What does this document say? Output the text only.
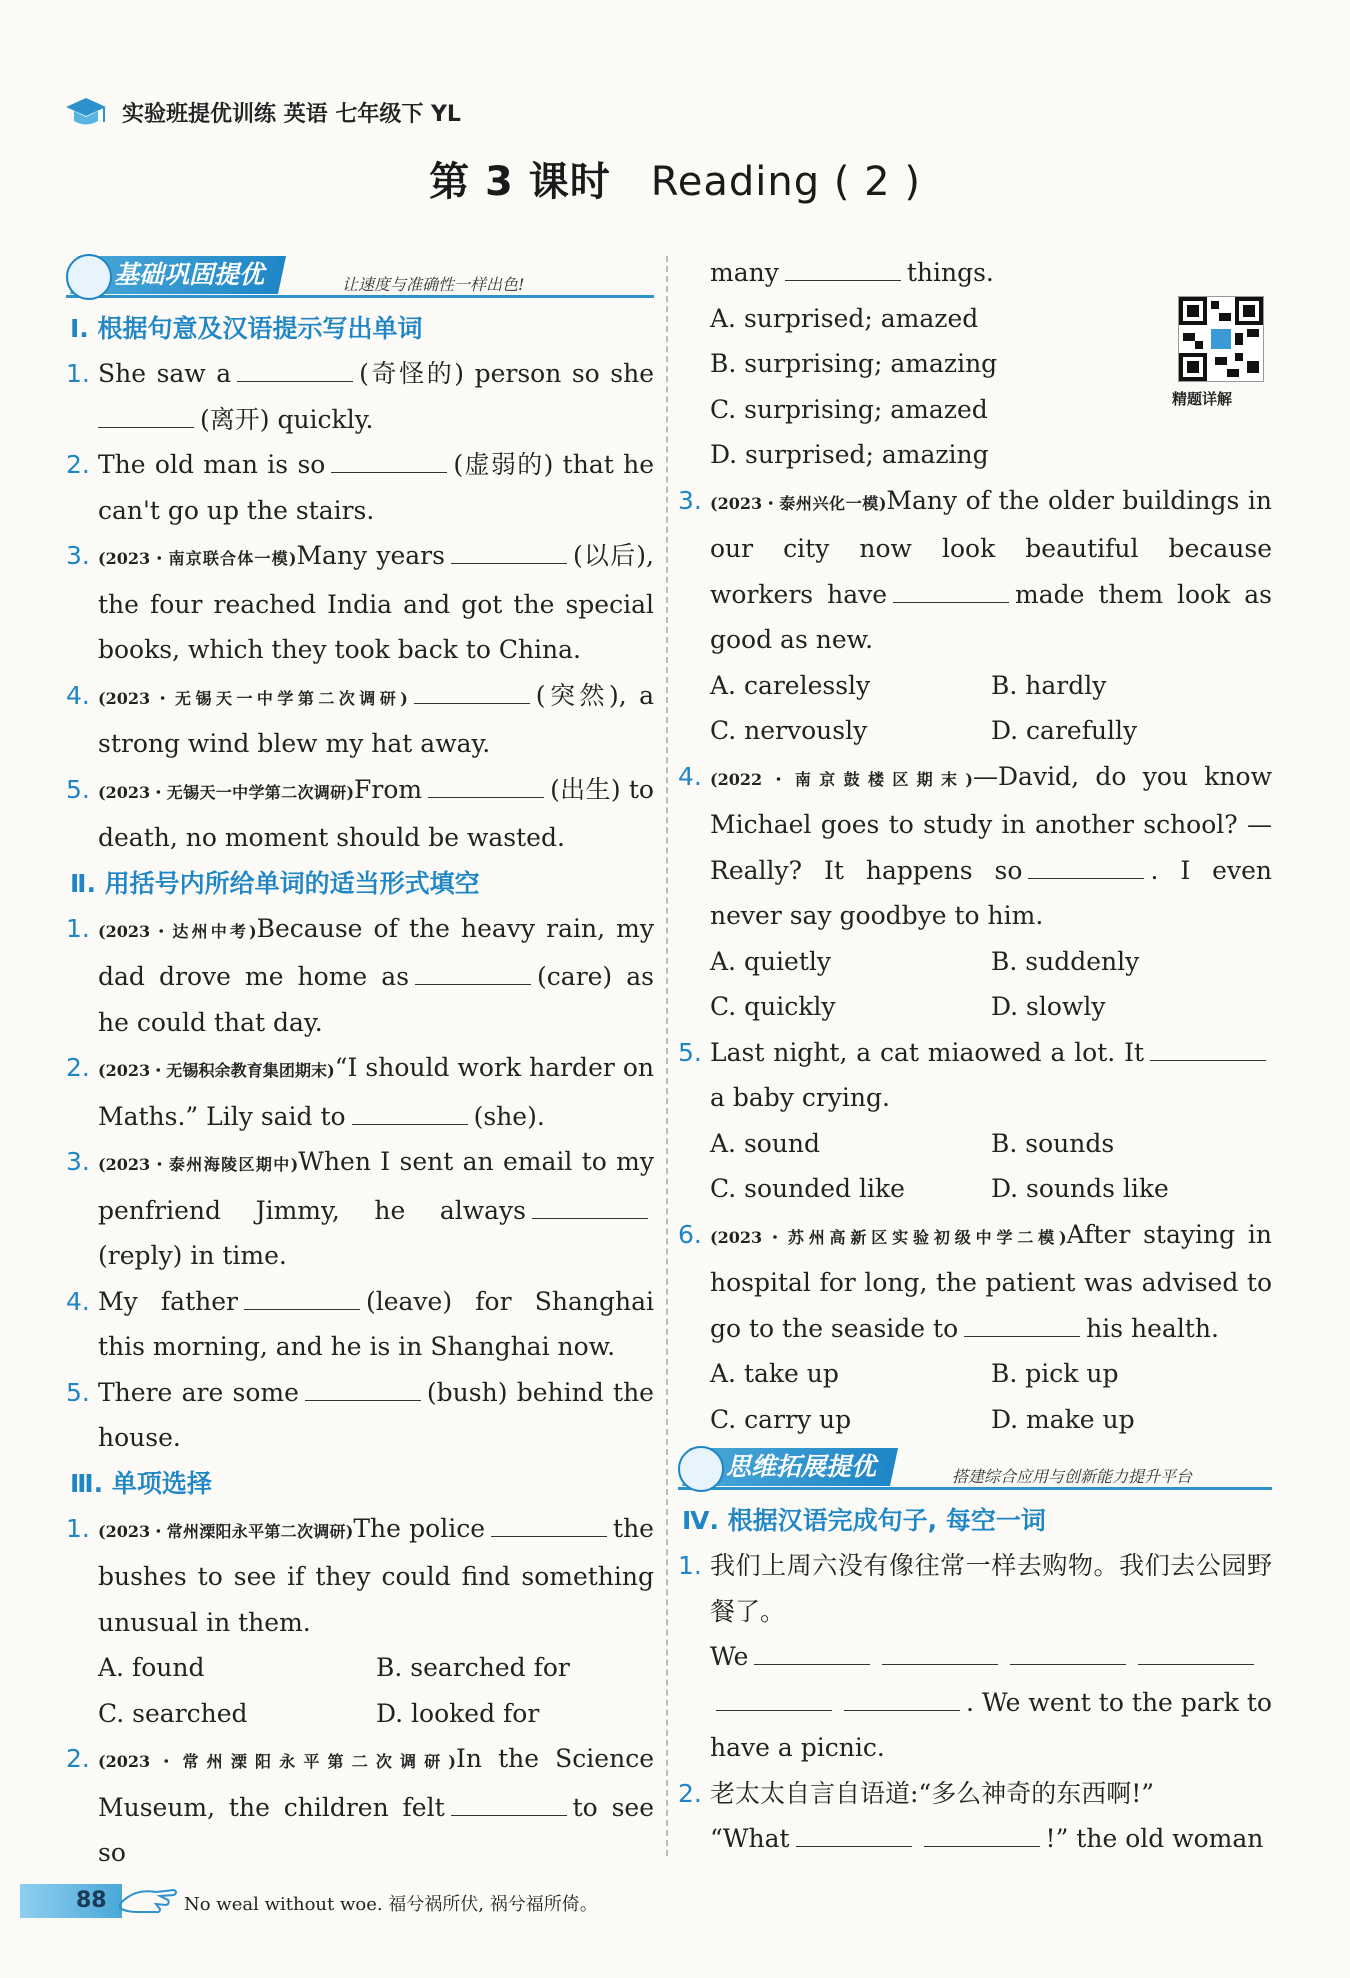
实验班提优训练 英语 七年级下 YL
第 3 课时 Reading ( 2 )
基础巩固提优	让速度与准确性一样出色!
Ⅰ. 根据句意及汉语提示写出单词
1. She saw a	(奇怪的) person so she (离开) quickly.
2. The old man is so	(虚弱的) that he can't go up the stairs.
3. (2023・南京联合体一模)Many years	(以后), the four reached India and got the special books, which they took back to China.
4. (2023・无锡天一中学第二次调研)	(突然), a strong wind blew my hat away.
5. (2023・无锡天一中学第二次调研)From	(出生) to death, no moment should be wasted.
Ⅱ. 用括号内所给单词的适当形式填空
1. (2023・达州中考)Because of the heavy rain, my dad drove me home as	(care) as he could that day.
2. (2023・无锡积余教育集团期末)“I should work harder on Maths.” Lily said to	(she).
3. (2023・泰州海陵区期中)When I sent an email to my penfriend Jimmy, he always(reply) in time.
4. My father	(leave) for Shanghai this morning, and he is in Shanghai now.
5. There are some	(bush) behind the house.
Ⅲ. 单项选择
1. (2023・常州溧阳永平第二次调研)The police	the bushes to see if they could find something unusual in them.
A. found	B. searched for
C. searched	D. looked for
2. (2023・常州溧阳永平第二次调研)In the Science Museum, the children felt	to see so
many	things.
A. surprised; amazed
B. surprising; amazing
C. surprising; amazed
D. surprised; amazing
3. (2023・泰州兴化一模)Many of the older buildings in our city now look beautiful because workers have	made them look as good as new.
A. carelessly	B. hardly
C. nervously	D. carefully
4. (2022・南京鼓楼区期末)—David, do you know Michael goes to study in another school? —Really? It happens so	. I even never say goodbye to him.
A. quietly	B. suddenly
C. quickly	D. slowly
5. Last night, a cat miaowed a lot. Ita baby crying.
A. sound	B. sounds
C. sounded like	D. sounds like
6. (2023・苏州高新区实验初级中学二模)After staying in hospital for long, the patient was advised to go to the seaside to	his health.
A. take up	B. pick up
C. carry up	D. make up
思维拓展提优	搭建综合应用与创新能力提升平台
Ⅳ. 根据汉语完成句子, 每空一词
1. 我们上周六没有像往常一样去购物。我们去公园野餐了。
We. We went to the park to have a picnic.
2. 老太太自言自语道:“多么神奇的东西啊!”
“What	!” the old woman
精题详解
88	No weal without woe. 福兮祸所伏, 祸兮福所倚。
